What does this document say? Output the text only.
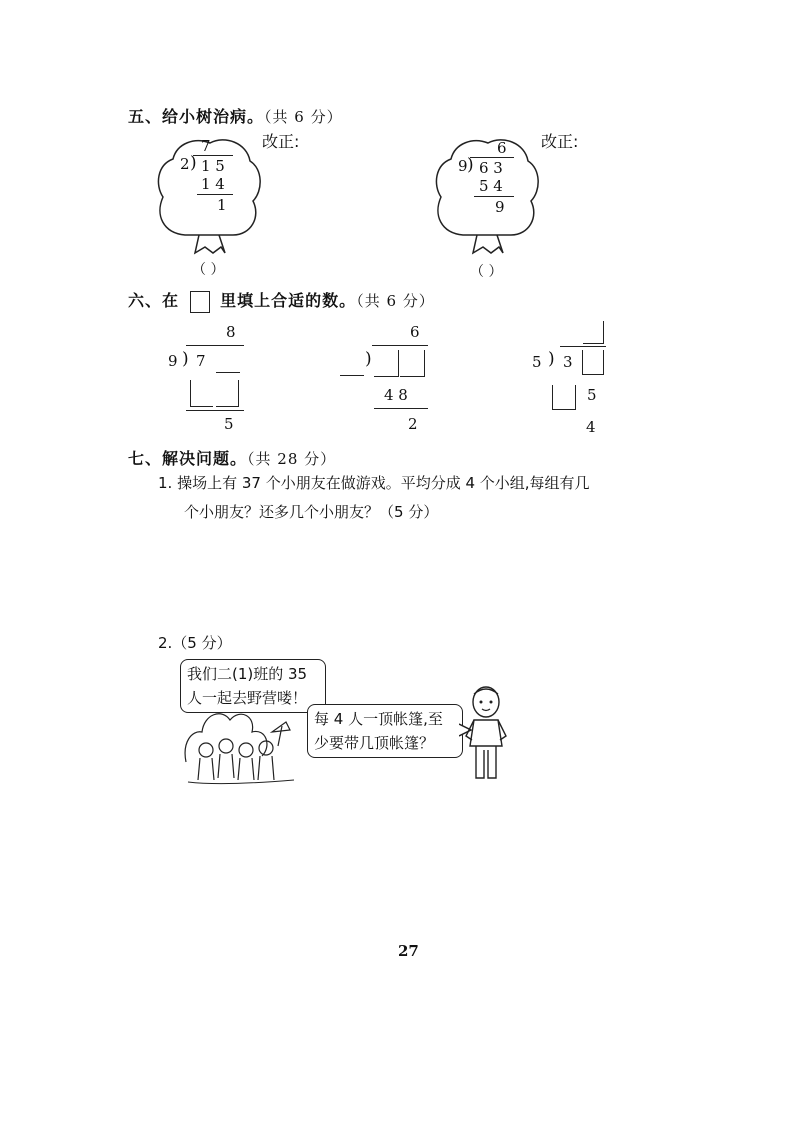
五、给小树治病。（共 6 分）
7
2 ) 1 5
1 4
1
改正:
（ ）
6
9 ) 6 3
5 4
9
改正:
（ ）
六、在	里填上合适的数。（共 6 分）
8
9 ) 7
5
6
)
4 8
2
5 ) 3
5
4
七、解决问题。（共 28 分）
1. 操场上有 37 个小朋友在做游戏。平均分成 4 个小组,每组有几
个小朋友？还多几个小朋友？（5 分）
2.（5 分）
我们二(1)班的 35
人一起去野营喽！
每 4 人一顶帐篷,至
少要带几顶帐篷？
27
